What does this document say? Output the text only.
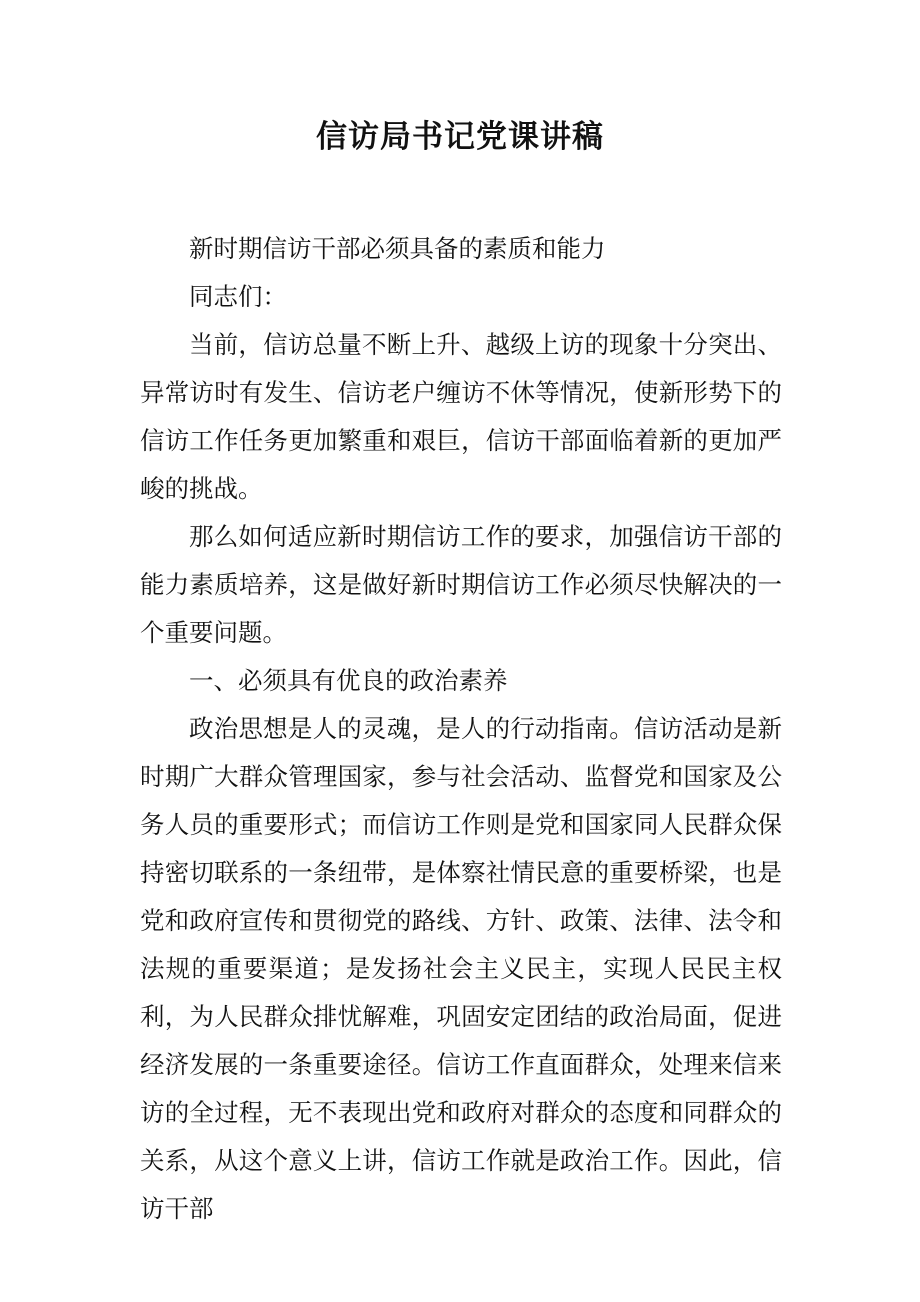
信访局书记党课讲稿

新时期信访干部必须具备的素质和能力

同志们：

当前，信访总量不断上升、越级上访的现象十分突出、异常访时有发生、信访老户缠访不休等情况，使新形势下的信访工作任务更加繁重和艰巨，信访干部面临着新的更加严峻的挑战。

那么如何适应新时期信访工作的要求，加强信访干部的能力素质培养，这是做好新时期信访工作必须尽快解决的一个重要问题。

一、必须具有优良的政治素养

政治思想是人的灵魂，是人的行动指南。信访活动是新时期广大群众管理国家，参与社会活动、监督党和国家及公务人员的重要形式；而信访工作则是党和国家同人民群众保持密切联系的一条纽带，是体察社情民意的重要桥梁，也是党和政府宣传和贯彻党的路线、方针、政策、法律、法令和法规的重要渠道；是发扬社会主义民主，实现人民民主权利，为人民群众排忧解难，巩固安定团结的政治局面，促进经济发展的一条重要途径。信访工作直面群众，处理来信来访的全过程，无不表现出党和政府对群众的态度和同群众的关系，从这个意义上讲，信访工作就是政治工作。因此，信访干部
